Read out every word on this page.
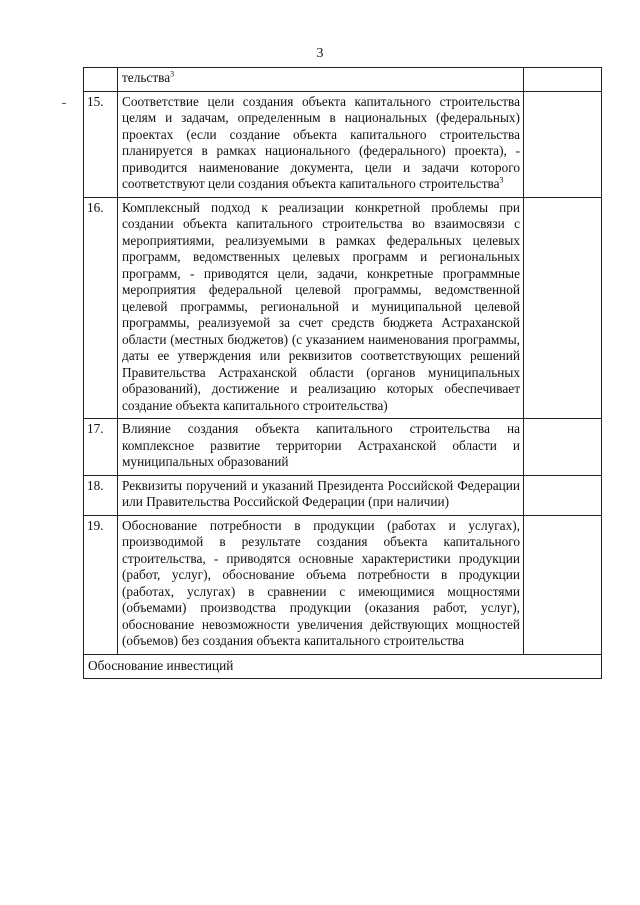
3
	тельства$^3$	
15.	Соответствие цели создания объекта капитального строительства целям и задачам, определенным в национальных (федеральных) проектах (если создание объекта капитального строительства планируется в рамках национального (федерального) проекта), - приводится наименование документа, цели и задачи которого соответствуют цели создания объекта капитального строительства$^3$	
16.	Комплексный подход к реализации конкретной проблемы при создании объекта капитального строительства во взаимосвязи с мероприятиями, реализуемыми в рамках федеральных целевых программ, ведомственных целевых программ и региональных программ, - приводятся цели, задачи, конкретные программные мероприятия федеральной целевой программы, ведомственной целевой программы, региональной и муниципальной целевой программы, реализуемой за счет средств бюджета Астраханской области (местных бюджетов) (с указанием наименования программы, даты ее утверждения или реквизитов соответствующих решений Правительства Астраханской области (органов муниципальных образований), достижение и реализацию которых обеспечивает создание объекта капитального строительства)	
17.	Влияние создания объекта капитального строительства на комплексное развитие территории Астраханской области и муниципальных образований	
18.	Реквизиты поручений и указаний Президента Российской Федерации или Правительства Российской Федерации (при наличии)	
19.	Обоснование потребности в продукции (работах и услугах), производимой в результате создания объекта капитального строительства, - приводятся основные характеристики продукции (работ, услуг), обоснование объема потребности в продукции (работах, услугах) в сравнении с имеющимися мощностями (объемами) производства продукции (оказания работ, услуг), обоснование невозможности увеличения действующих мощностей (объемов) без создания объекта капитального строительства	
Обоснование инвестиций		
